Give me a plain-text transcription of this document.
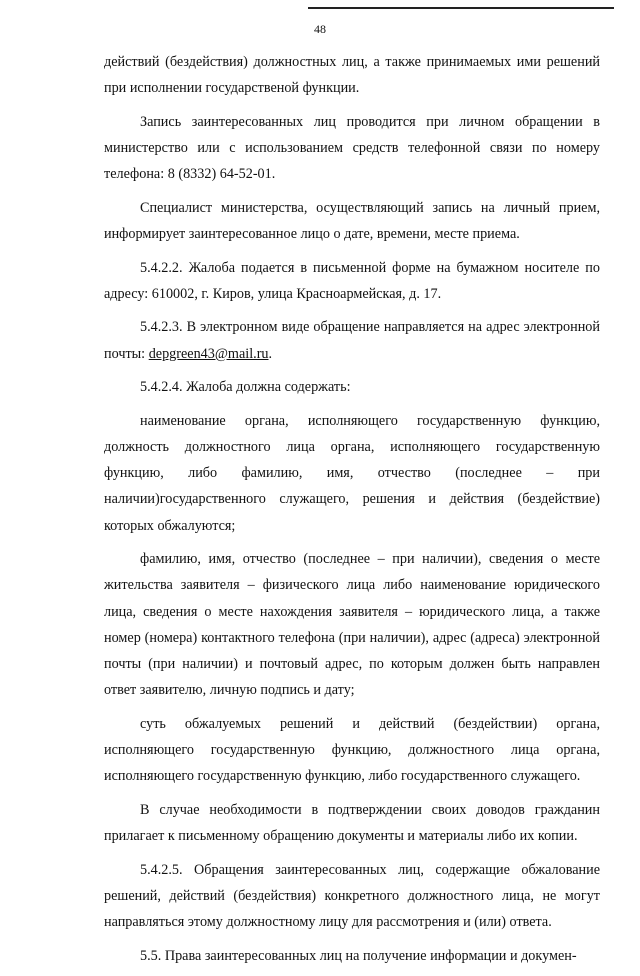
48

действий (бездействия) должностных лиц, а также принимаемых ими решений при исполнении государственой функции.

Запись заинтересованных лиц проводится при личном обращении в министерство или с использованием средств телефонной связи по номеру телефона: 8 (8332) 64-52-01.

Специалист министерства, осуществляющий запись на личный прием, информирует заинтересованное лицо о дате, времени, месте приема.

5.4.2.2. Жалоба подается в письменной форме на бумажном носителе по адресу: 610002, г. Киров, улица Красноармейская, д. 17.

5.4.2.3. В электронном виде обращение направляется на адрес электронной почты: depgreen43@mail.ru.

5.4.2.4. Жалоба должна содержать:

наименование органа, исполняющего государственную функцию, должность должностного лица органа, исполняющего государственную функцию, либо фамилию, имя, отчество (последнее – при наличии)государственного служащего, решения и действия (бездействие) которых обжалуются;

фамилию, имя, отчество (последнее – при наличии), сведения о месте жительства заявителя – физического лица либо наименование юридического лица, сведения о месте нахождения заявителя – юридического лица, а также номер (номера) контактного телефона (при наличии), адрес (адреса) электронной почты (при наличии) и почтовый адрес, по которым должен быть направлен ответ заявителю, личную подпись и дату;

суть обжалуемых решений и действий (бездействии) органа, исполняющего государственную функцию, должностного лица органа, исполняющего государственную функцию, либо государственного служащего.

В случае необходимости в подтверждении своих доводов гражданин прилагает к письменному обращению документы и материалы либо их копии.

5.4.2.5. Обращения заинтересованных лиц, содержащие обжалование решений, действий (бездействия) конкретного должностного лица, не могут направляться этому должностному лицу для рассмотрения и (или) ответа.

5.5. Права заинтересованных лиц на получение информации и докумен-
